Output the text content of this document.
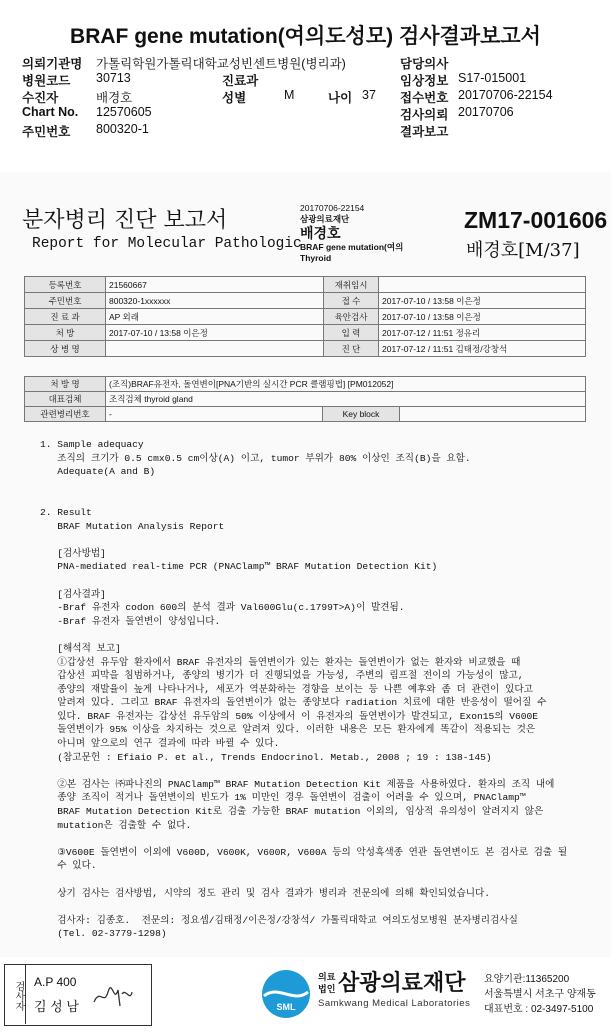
BRAF gene mutation(여의도성모) 검사결과보고서
의뢰기관명 가톨릭학원가톨릭대학교성빈센트병원(병리과)	담당의사
병원코드 30713	진료과	임상정보 S17-015001
수진자	배경호	성별	M	나이 37 접수번호 20170706-22154
Chart No. 12570605	검사의뢰 20170706
주민번호 800320-1	결과보고
분자병리 진단 보고서
Report for Molecular Pathologic
20170706-22154
삼광의료재단
배경호
BRAF gene mutation(여의
Thyroid
ZM17-001606
배경호[M/37]
등록번호	21560667	재취임시	
주민번호	800320-1xxxxxx	접 수	2017-07-10 / 13:58 이은정
진 료 과	AP 외래	육안검사	2017-07-10 / 13:58 이은정
처 방	2017-07-10 / 13:58 이은정	입 력	2017-07-12 / 11:51 정유리
상 병 명		진 단	2017-07-12 / 11:51 김태정/강창석
처 방 명	(조직)BRAF유전자, 돌연변이[PNA기반의 실시간 PCR 클램핑법] [PM012052]		
대표검체	조직검체 thyroid gland		
관련병리번호	-	Key block	
1. Sample adequacy
조직의 크기가 0.5 cmx0.5 cm이상(A) 이고, tumor 부위가 80% 이상인 조직(B)을 요함.
Adequate(A and B)
2. Result
BRAF Mutation Analysis Report
[검사방법]
PNA-mediated real-time PCR (PNAClamp™ BRAF Mutation Detection Kit)
[검사결과]
-Braf 유전자 codon 600의 분석 결과 Val600Glu(c.1799T>A)이 발견됨.
-Braf 유전자 돌연변이 양성입니다.
[해석적 보고]
①갑상선 유두암 환자에서 BRAF 유전자의 돌연변이가 있는 환자는 돌연변이가 없는 환자와 비교했을 때
갑상선 피막을 침범하거나, 종양의 병기가 더 진행되었을 가능성, 주변의 림프절 전이의 가능성이 많고,
종양의 재발율이 높게 나타나거나, 세포가 역분화하는 경향을 보이는 등 나쁜 예후와 좀 더 관련이 있다고
알려져 있다. 그리고 BRAF 유전자의 돌연변이가 없는 종양보다 radiation 치료에 대한 반응성이 떨어질 수
있다. BRAF 유전자는 갑상선 유두암의 50% 이상에서 이 유전자의 돌연변이가 발견되고, Exon15의 V600E
돌연변이가 95% 이상을 차지하는 것으로 알려져 있다. 이러한 내용은 모든 환자에게 똑같이 적용되는 것은
아니며 앞으로의 연구 결과에 따라 바뀔 수 있다.
(참고문헌 : Efiaio P. et al., Trends Endocrinol. Metab., 2008 ; 19 : 138-145)
②본 검사는 ㈜파나진의 PNAClamp™ BRAF Mutation Detection Kit 제품을 사용하였다. 환자의 조직 내에
종양 조직이 적거나 돌연변이의 빈도가 1% 미만인 경우 돌연변이 검출이 어려울 수 있으며, PNAClamp™
BRAF Mutation Detection Kit로 검출 가능한 BRAF mutation 이외의, 임상적 유의성이 알려지지 않은
mutation은 검출할 수 없다.
③V600E 돌연변이 이외에 V600D, V600K, V600R, V600A 등의 악성흑색종 연관 돌연변이도 본 검사로 검출 될
수 있다.
상기 검사는 검사방법, 시약의 정도 관리 및 검사 결과가 병리과 전문의에 의해 확인되었습니다.
검사자: 김종호.  전문의: 정요셉/김태정/이은정/강창석/ 가톨릭대학교 여의도성모병원 분자병리검사실
(Tel. 02-3779-1298)
검사자 A.P 400
김 성 남	SML
의료
법인 삼광의료재단
Samkwang Medical Laboratories
요양기관:11365200
서울특별시 서초구 양재동
대표번호 : 02-3497-5100
